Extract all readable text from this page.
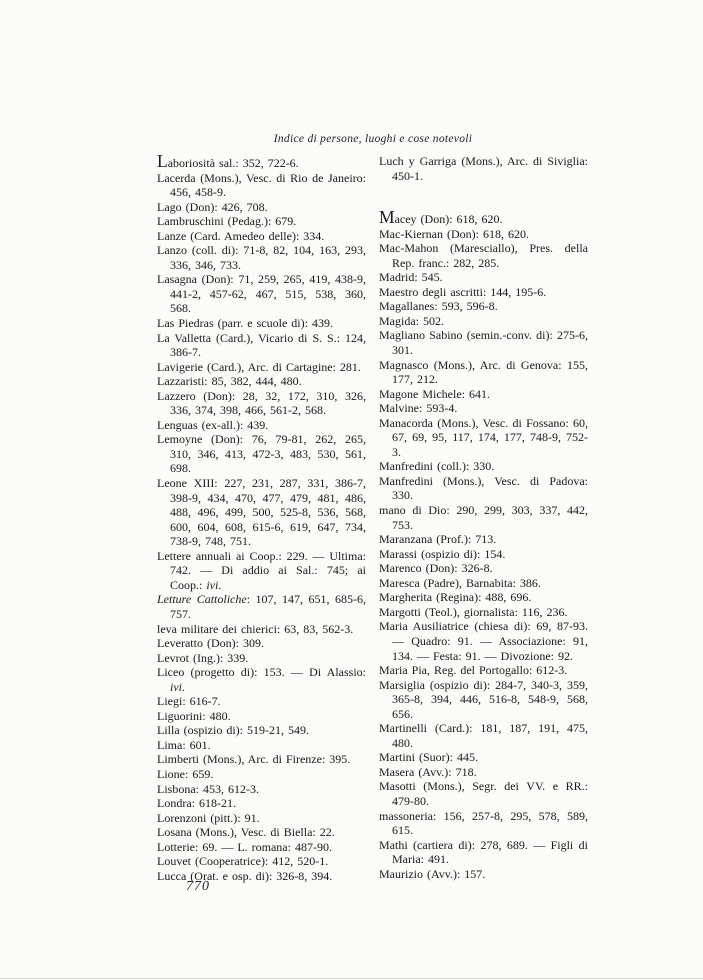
Indice di persone, luoghi e cose notevoli
Laboriosità sal.: 352, 722-6.
Lacerda (Mons.), Vesc. di Rio de Janeiro: 456, 458-9.
Lago (Don): 426, 708.
Lambruschini (Pedag.): 679.
Lanze (Card. Amedeo delle): 334.
Lanzo (coll. di): 71-8, 82, 104, 163, 293, 336, 346, 733.
Lasagna (Don): 71, 259, 265, 419, 438-9, 441-2, 457-62, 467, 515, 538, 360, 568.
Las Piedras (parr. e scuole di): 439.
La Valletta (Card.), Vicario di S. S.: 124, 386-7.
Lavigerie (Card.), Arc. di Cartagine: 281.
Lazzaristi: 85, 382, 444, 480.
Lazzero (Don): 28, 32, 172, 310, 326, 336, 374, 398, 466, 561-2, 568.
Lenguas (ex-all.): 439.
Lemoyne (Don): 76, 79-81, 262, 265, 310, 346, 413, 472-3, 483, 530, 561, 698.
Leone XIII: 227, 231, 287, 331, 386-7, 398-9, 434, 470, 477, 479, 481, 486, 488, 496, 499, 500, 525-8, 536, 568, 600, 604, 608, 615-6, 619, 647, 734, 738-9, 748, 751.
Lettere annuali ai Coop.: 229. — Ultima: 742. — Di addio ai Sal.: 745; ai Coop.: ivi.
Letture Cattoliche: 107, 147, 651, 685-6, 757.
leva militare dei chierici: 63, 83, 562-3.
Leveratto (Don): 309.
Levrot (Ing.): 339.
Liceo (progetto di): 153. — Di Alassio: ivi.
Liegi: 616-7.
Liguorini: 480.
Lilla (ospizio di): 519-21, 549.
Lima: 601.
Limberti (Mons.), Arc. di Firenze: 395.
Lione: 659.
Lisbona: 453, 612-3.
Londra: 618-21.
Lorenzoni (pitt.): 91.
Losana (Mons.), Vesc. di Biella: 22.
Lotterie: 69. — L. romana: 487-90.
Louvet (Cooperatrice): 412, 520-1.
Lucca (Orat. e osp. di): 326-8, 394.
Luch y Garriga (Mons.), Arc. di Siviglia: 450-1.
Macey (Don): 618, 620.
Mac-Kiernan (Don): 618, 620.
Mac-Mahon (Maresciallo), Pres. della Rep. franc.: 282, 285.
Madrid: 545.
Maestro degli ascritti: 144, 195-6.
Magallanes: 593, 596-8.
Magida: 502.
Magliano Sabino (semin.-conv. di): 275-6, 301.
Magnasco (Mons.), Arc. di Genova: 155, 177, 212.
Magone Michele: 641.
Malvine: 593-4.
Manacorda (Mons.), Vesc. di Fossano: 60, 67, 69, 95, 117, 174, 177, 748-9, 752-3.
Manfredini (coll.): 330.
Manfredini (Mons.), Vesc. di Padova: 330.
mano di Dio: 290, 299, 303, 337, 442, 753.
Maranzana (Prof.): 713.
Marassi (ospizio di): 154.
Marenco (Don): 326-8.
Maresca (Padre), Barnabita: 386.
Margherita (Regina): 488, 696.
Margotti (Teol.), giornalista: 116, 236.
Maria Ausiliatrice (chiesa di): 69, 87-93. — Quadro: 91. — Associazione: 91, 134. — Festa: 91. — Divozione: 92.
Maria Pia, Reg. del Portogallo: 612-3.
Marsiglia (ospizio di): 284-7, 340-3, 359, 365-8, 394, 446, 516-8, 548-9, 568, 656.
Martinelli (Card.): 181, 187, 191, 475, 480.
Martini (Suor): 445.
Masera (Avv.): 718.
Masotti (Mons.), Segr. dei VV. e RR.: 479-80.
massoneria: 156, 257-8, 295, 578, 589, 615.
Mathi (cartiera di): 278, 689. — Figli di Maria: 491.
Maurizio (Avv.): 157.
770
